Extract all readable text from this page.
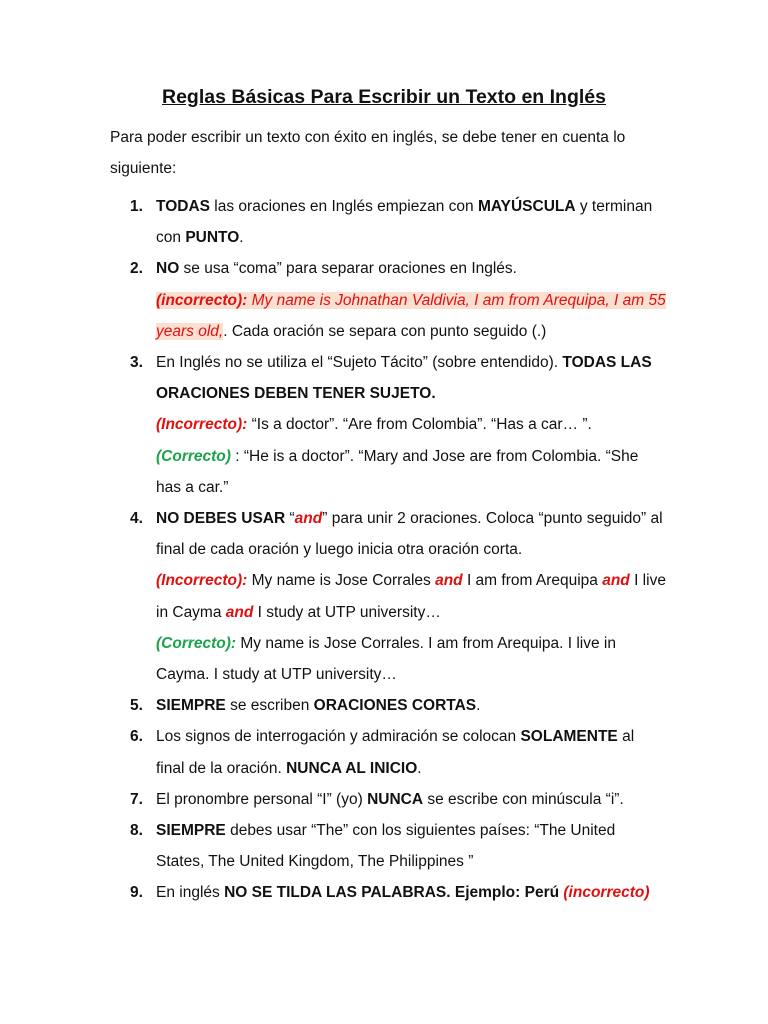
Reglas Básicas Para Escribir un Texto en Inglés
Para poder escribir un texto con éxito en inglés, se debe tener en cuenta lo siguiente:
1. TODAS las oraciones en Inglés empiezan con MAYÚSCULA y terminan con PUNTO.
2. NO se usa “coma” para separar oraciones en Inglés.
(incorrecto): My name is Johnathan Valdivia, I am from Arequipa, I am 55 years old,. Cada oración se separa con punto seguido (.)
3. En Inglés no se utiliza el “Sujeto Tácito” (sobre entendido). TODAS LAS ORACIONES DEBEN TENER SUJETO.
(Incorrecto): “Is a doctor”. “Are from Colombia”. “Has a car… ”.
(Correcto) : “He is a doctor”. “Mary and Jose are from Colombia. “She has a car.”
4. NO DEBES USAR “and” para unir 2 oraciones. Coloca “punto seguido” al final de cada oración y luego inicia otra oración corta.
(Incorrecto): My name is Jose Corrales and I am from Arequipa and I live in Cayma and I study at UTP university…
(Correcto): My name is Jose Corrales. I am from Arequipa. I live in Cayma. I study at UTP university…
5. SIEMPRE se escriben ORACIONES CORTAS.
6. Los signos de interrogación y admiración se colocan SOLAMENTE al final de la oración. NUNCA AL INICIO.
7. El pronombre personal “I” (yo) NUNCA se escribe con minúscula “i”.
8. SIEMPRE debes usar “The” con los siguientes países: “The United States, The United Kingdom, The Philippines ”
9. En inglés NO SE TILDA LAS PALABRAS. Ejemplo: Perú (incorrecto)
